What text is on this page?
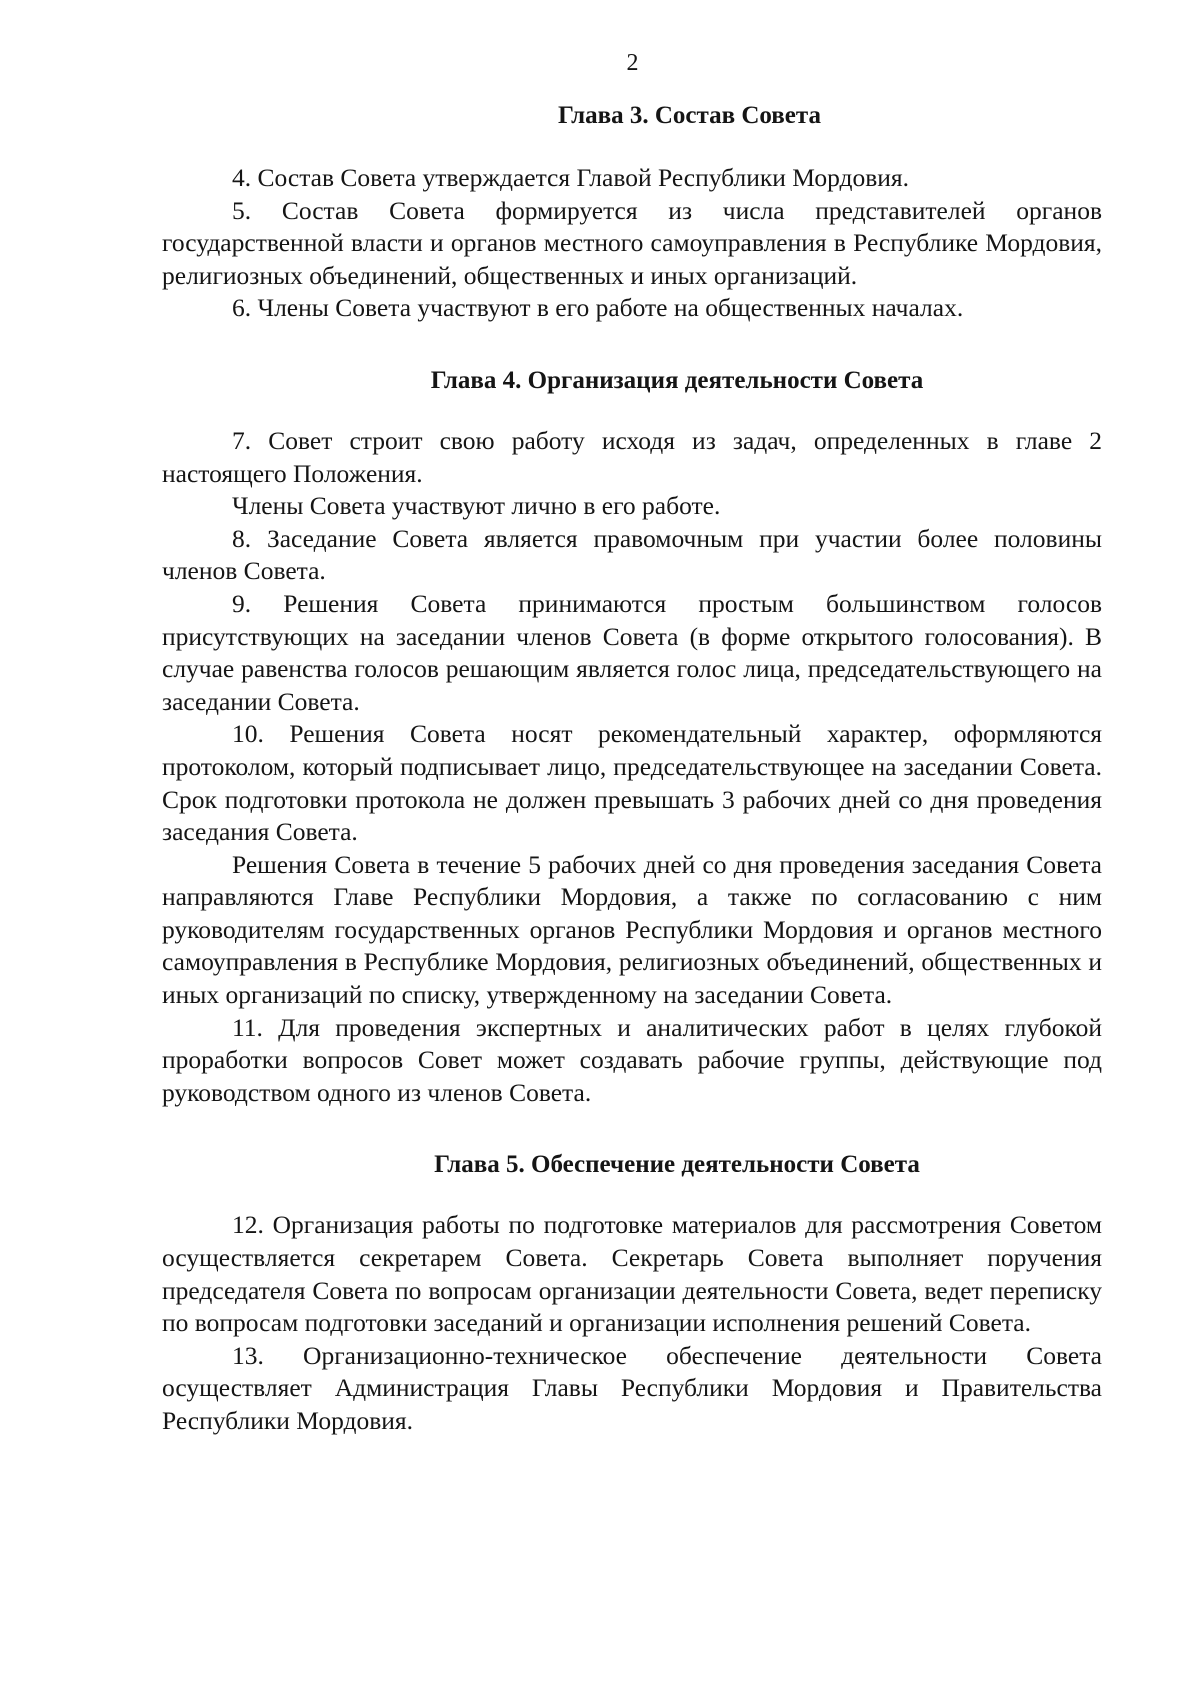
2
Глава 3. Состав Совета

4. Состав Совета утверждается Главой Республики Мордовия.

5. Состав Совета формируется из числа представителей органов государственной власти и органов местного самоуправления в Республике Мордовия, религиозных объединений, общественных и иных организаций.

6. Члены Совета участвуют в его работе на общественных началах.

Глава 4. Организация деятельности Совета

7. Совет строит свою работу исходя из задач, определенных в главе 2 настоящего Положения.

Члены Совета участвуют лично в его работе.

8. Заседание Совета является правомочным при участии более половины членов Совета.

9. Решения Совета принимаются простым большинством голосов присутствующих на заседании членов Совета (в форме открытого голосования). В случае равенства голосов решающим является голос лица, председательствующего на заседании Совета.

10. Решения Совета носят рекомендательный характер, оформляются протоколом, который подписывает лицо, председательствующее на заседании Совета. Срок подготовки протокола не должен превышать 3 рабочих дней со дня проведения заседания Совета.

Решения Совета в течение 5 рабочих дней со дня проведения заседания Совета направляются Главе Республики Мордовия, а также по согласованию с ним руководителям государственных органов Республики Мордовия и органов местного самоуправления в Республике Мордовия, религиозных объединений, общественных и иных организаций по списку, утвержденному на заседании Совета.

11. Для проведения экспертных и аналитических работ в целях глубокой проработки вопросов Совет может создавать рабочие группы, действующие под руководством одного из членов Совета.

Глава 5. Обеспечение деятельности Совета

12. Организация работы по подготовке материалов для рассмотрения Советом осуществляется секретарем Совета. Секретарь Совета выполняет поручения председателя Совета по вопросам организации деятельности Совета, ведет переписку по вопросам подготовки заседаний и организации исполнения решений Совета.

13. Организационно-техническое обеспечение деятельности Совета осуществляет Администрация Главы Республики Мордовия и Правительства Республики Мордовия.
